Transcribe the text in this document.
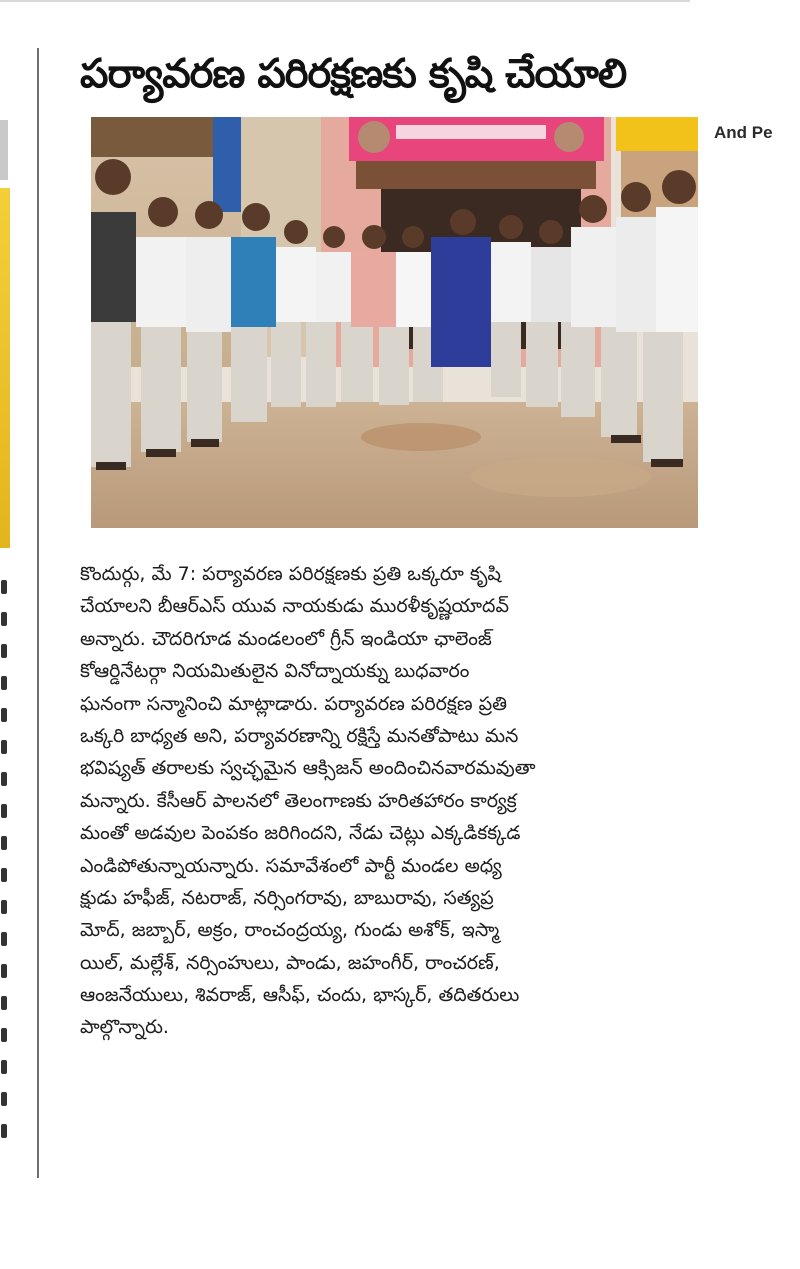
పర్యావరణ పరిరక్షణకు కృషి చేయాలి
And Pe
కొందుర్గు, మే 7: పర్యావరణ పరిరక్షణకు ప్రతి ఒక్కరూ కృషి
చేయాలని బీఆర్ఎస్ యువ నాయకుడు మురళీకృష్ణయాదవ్
అన్నారు. చౌదరిగూడ మండలంలో గ్రీన్ ఇండియా ఛాలెంజ్
కోఆర్డినేటర్గా నియమితులైన వినోద్నాయక్ను బుధవారం
ఘనంగా సన్మానించి మాట్లాడారు. పర్యావరణ పరిరక్షణ ప్రతి
ఒక్కరి బాధ్యత అని, పర్యావరణాన్ని రక్షిస్తే మనతోపాటు మన
భవిష్యత్ తరాలకు స్వచ్ఛమైన ఆక్సిజన్ అందించినవారమవుతా
మన్నారు. కేసీఆర్ పాలనలో తెలంగాణకు హరితహారం కార్యక్ర
మంతో అడవుల పెంపకం జరిగిందని, నేడు చెట్లు ఎక్కడికక్కడ
ఎండిపోతున్నాయన్నారు. సమావేశంలో పార్టీ మండల అధ్య
క్షుడు హఫీజ్, నటరాజ్, నర్సింగరావు, బాబురావు, సత్యప్ర
మోద్, జబ్బార్, అక్రం, రాంచంద్రయ్య, గుండు అశోక్, ఇస్మా
యిల్, మల్లేశ్, నర్సింహులు, పాండు, జహంగీర్, రాంచరణ్,
ఆంజనేయులు, శివరాజ్, ఆసీఫ్, చందు, భాస్కర్, తదితరులు
పాల్గొన్నారు.
